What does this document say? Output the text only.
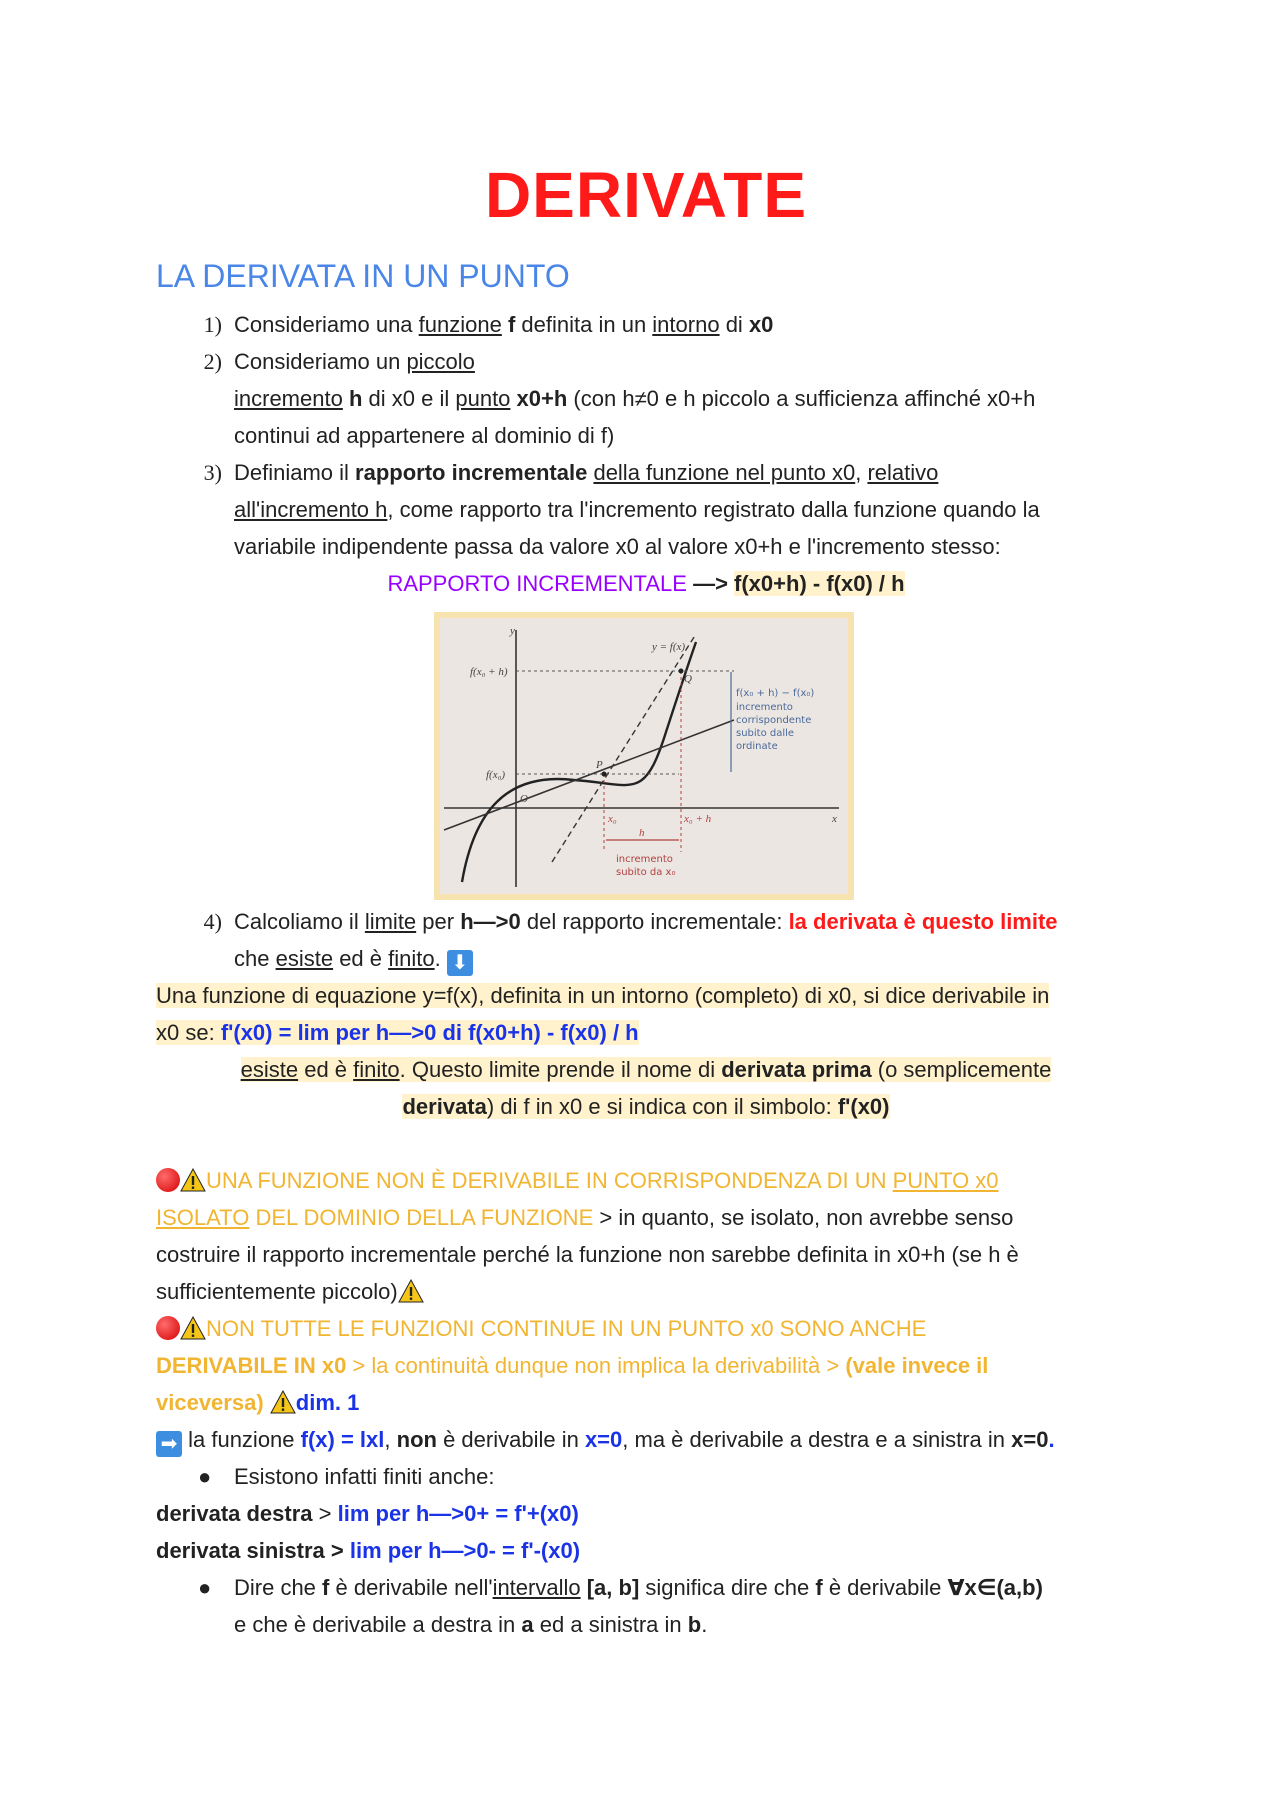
DERIVATE
LA DERIVATA IN UN PUNTO
1) Consideriamo una funzione f definita in un intorno di x0
2) Consideriamo un piccolo
incremento h di x0 e il punto x0+h (con h≠0 e h piccolo a sufficienza affinché x0+h
continui ad appartenere al dominio di f)
3) Definiamo il rapporto incrementale della funzione nel punto x0, relativo
all'incremento h, come rapporto tra l'incremento registrato dalla funzione quando la
variabile indipendente passa da valore x0 al valore x0+h e l'incremento stesso:
RAPPORTO INCREMENTALE —> f(x0+h) - f(x0) / h
y
x
y = f(x)
f(x₀ + h)
f(x₀)
O
P
Q
x₀	x₀ + h
h
incremento
subito da x₀
f(x₀ + h) − f(x₀)
incremento
corrispondente
subito dalle
ordinate
4) Calcoliamo il limite per h—>0 del rapporto incrementale: la derivata è questo limite
che esiste ed è finito. ⬇
Una funzione di equazione y=f(x), definita in un intorno (completo) di x0, si dice derivabile in
x0 se: f'(x0) = lim per h—>0 di f(x0+h) - f(x0) / h
esiste ed è finito. Questo limite prende il nome di derivata prima (o semplicemente
derivata) di f in x0 e si indica con il simbolo: f'(x0)
UNA FUNZIONE NON È DERIVABILE IN CORRISPONDENZA DI UN PUNTO x0
ISOLATO DEL DOMINIO DELLA FUNZIONE > in quanto, se isolato, non avrebbe senso
costruire il rapporto incrementale perché la funzione non sarebbe definita in x0+h (se h è
sufficientemente piccolo)
NON TUTTE LE FUNZIONI CONTINUE IN UN PUNTO x0 SONO ANCHE
DERIVABILE IN x0 > la continuità dunque non implica la derivabilità > (vale invece il
viceversa) dim. 1
➡ la funzione f(x) = lxl, non è derivabile in x=0, ma è derivabile a destra e a sinistra in x=0.
● Esistono infatti finiti anche:
derivata destra > lim per h—>0+ = f'+(x0)
derivata sinistra > lim per h—>0- = f'-(x0)
● Dire che f è derivabile nell'intervallo [a, b] significa dire che f è derivabile ∀x∈(a,b)
e che è derivabile a destra in a ed a sinistra in b.
